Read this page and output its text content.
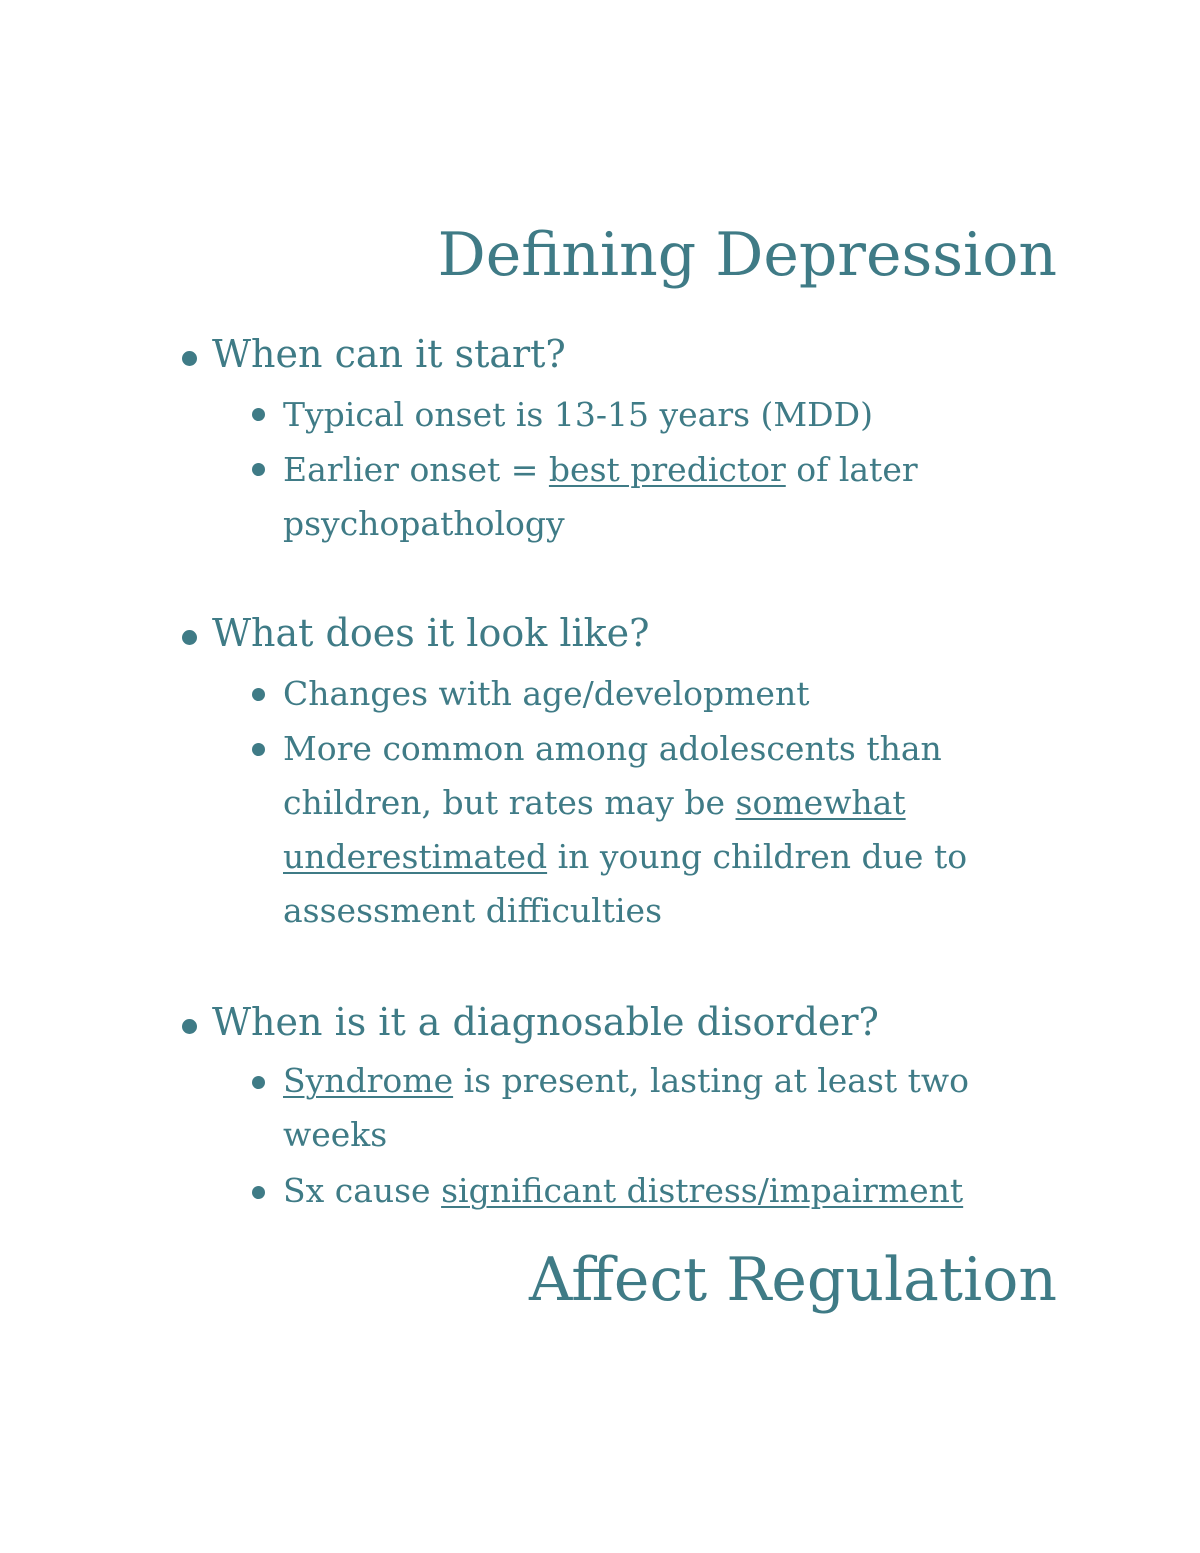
Defining Depression
When can it start?
Typical onset is 13-15 years (MDD)
Earlier onset = best predictor of later psychopathology
What does it look like?
Changes with age/development
More common among adolescents than children, but rates may be somewhat underestimated in young children due to assessment difficulties
When is it a diagnosable disorder?
Syndrome is present, lasting at least two weeks
Sx cause significant distress/impairment
Affect Regulation
